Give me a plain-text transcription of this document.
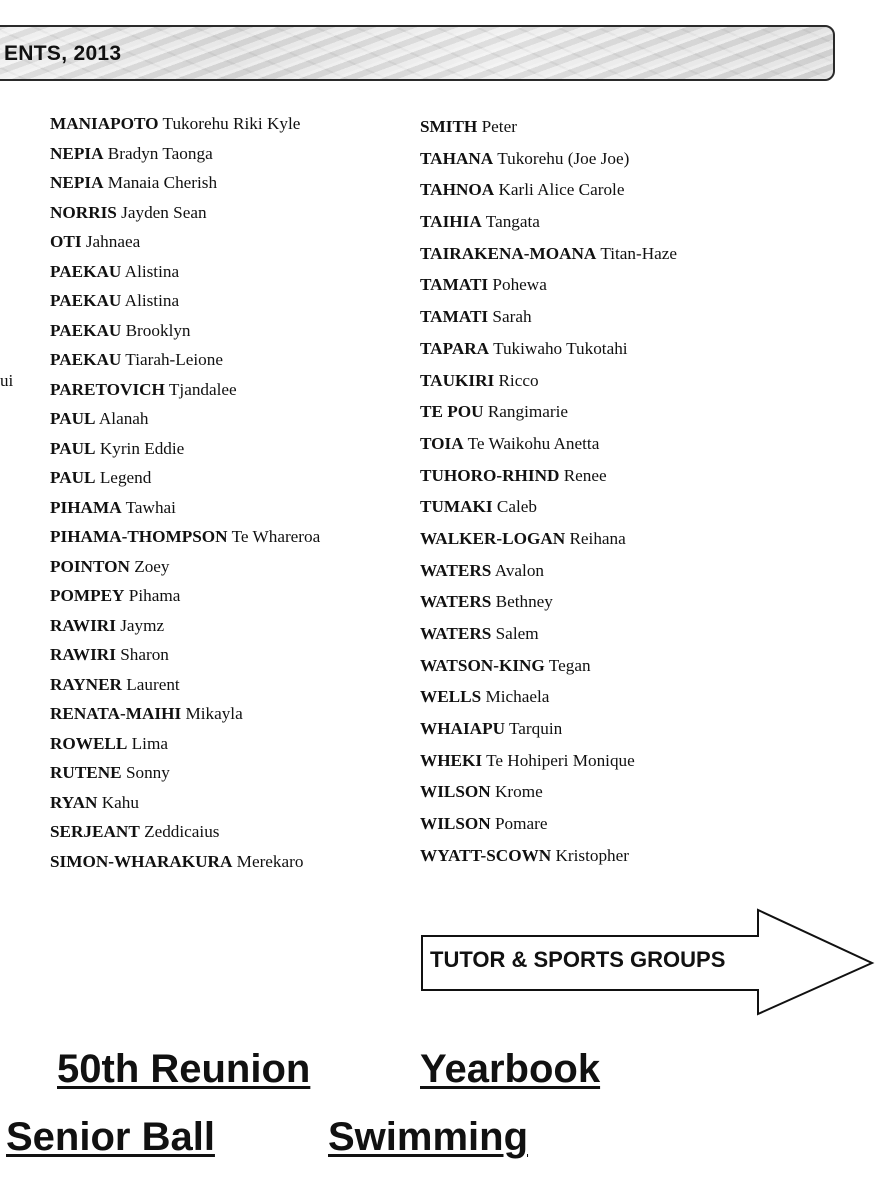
ENTS, 2013
ui
MANIAPOTO Tukorehu Riki Kyle
NEPIA Bradyn Taonga
NEPIA Manaia Cherish
NORRIS Jayden Sean
OTI Jahnaea
PAEKAU Alistina
PAEKAU Alistina
PAEKAU Brooklyn
PAEKAU Tiarah-Leione
PARETOVICH Tjandalee
PAUL Alanah
PAUL Kyrin Eddie
PAUL Legend
PIHAMA Tawhai
PIHAMA-THOMPSON Te Whareroa
POINTON Zoey
POMPEY Pihama
RAWIRI Jaymz
RAWIRI Sharon
RAYNER Laurent
RENATA-MAIHI Mikayla
ROWELL Lima
RUTENE Sonny
RYAN Kahu
SERJEANT Zeddicaius
SIMON-WHARAKURA Merekaro
SMITH Peter
TAHANA Tukorehu (Joe Joe)
TAHNOA Karli Alice Carole
TAIHIA Tangata
TAIRAKENA-MOANA Titan-Haze
TAMATI Pohewa
TAMATI Sarah
TAPARA Tukiwaho Tukotahi
TAUKIRI Ricco
TE POU Rangimarie
TOIA Te Waikohu Anetta
TUHORO-RHIND Renee
TUMAKI Caleb
WALKER-LOGAN Reihana
WATERS Avalon
WATERS Bethney
WATERS Salem
WATSON-KING Tegan
WELLS Michaela
WHAIAPU Tarquin
WHEKI Te Hohiperi Monique
WILSON Krome
WILSON Pomare
WYATT-SCOWN Kristopher
TUTOR & SPORTS GROUPS
50th Reunion	Yearbook
Senior Ball	Swimming
